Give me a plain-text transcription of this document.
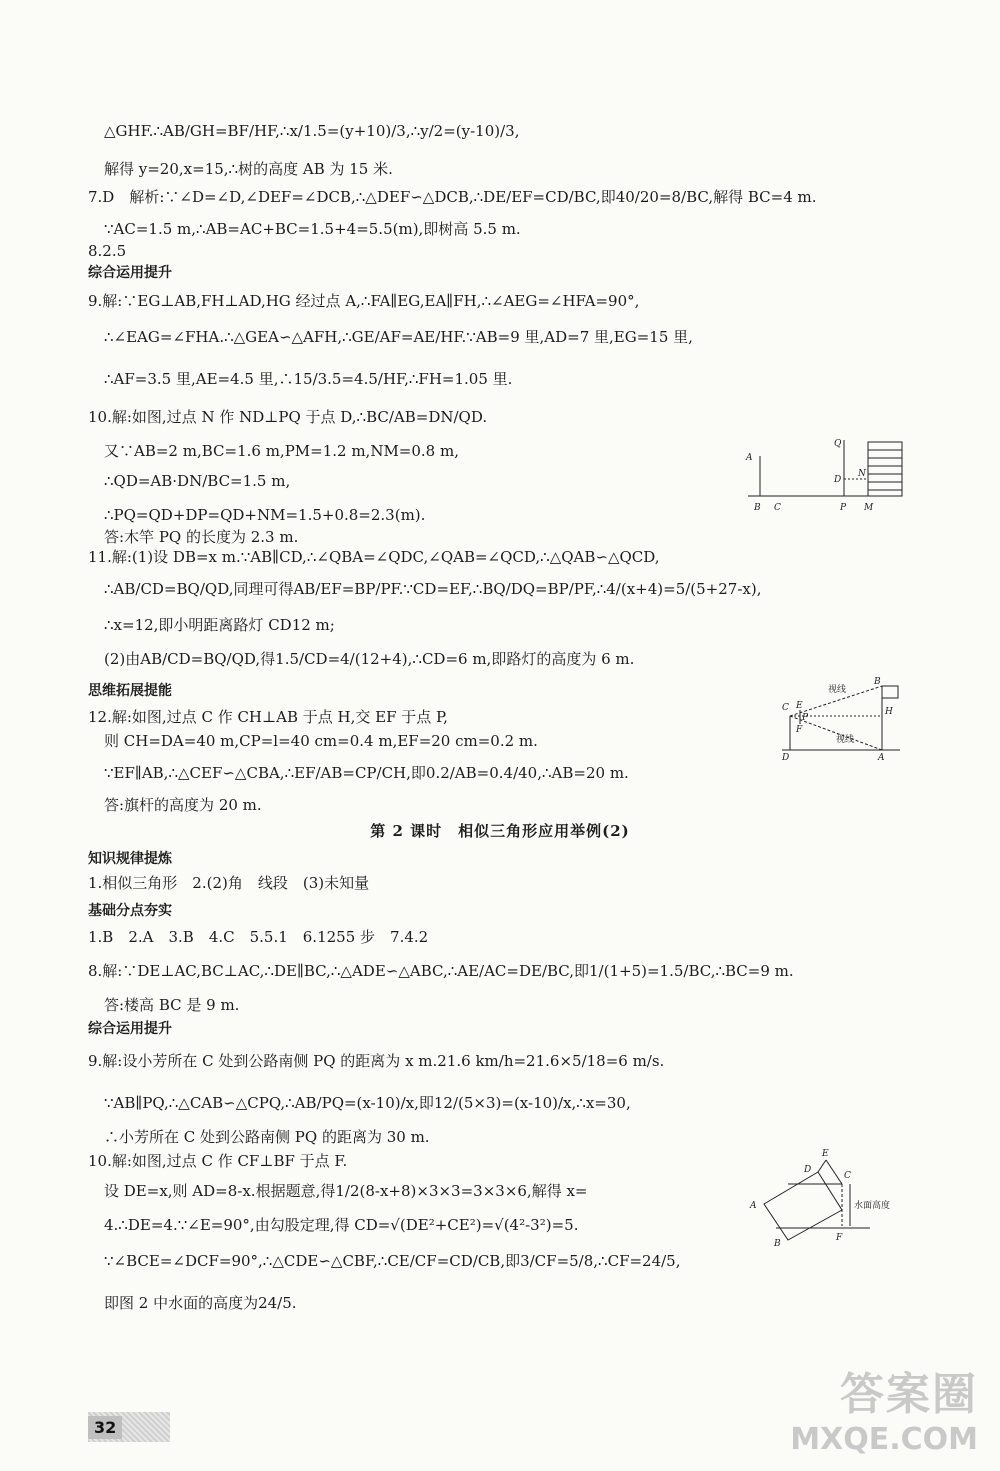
△GHF.∴AB/GH=BF/HF,∴x/1.5=(y+10)/3,∴y/2=(y-10)/3,
解得 y=20,x=15,∴树的高度 AB 为 15 米.
7.D　解析:∵∠D=∠D,∠DEF=∠DCB,∴△DEF∽△DCB,∴DE/EF=CD/BC,即40/20=8/BC,解得 BC=4 m.
∵AC=1.5 m,∴AB=AC+BC=1.5+4=5.5(m),即树高 5.5 m.
8.2.5
综合运用提升
9.解:∵EG⊥AB,FH⊥AD,HG 经过点 A,∴FA∥EG,EA∥FH,∴∠AEG=∠HFA=90°,
∴∠EAG=∠FHA.∴△GEA∽△AFH,∴GE/AF=AE/HF.∵AB=9 里,AD=7 里,EG=15 里,
∴AF=3.5 里,AE=4.5 里,∴15/3.5=4.5/HF,∴FH=1.05 里.
10.解:如图,过点 N 作 ND⊥PQ 于点 D,∴BC/AB=DN/QD.
又∵AB=2 m,BC=1.6 m,PM=1.2 m,NM=0.8 m,
∴QD=AB·DN/BC=1.5 m,
∴PQ=QD+DP=QD+NM=1.5+0.8=2.3(m).
答:木竿 PQ 的长度为 2.3 m.
11.解:(1)设 DB=x m.∵AB∥CD,∴∠QBA=∠QDC,∠QAB=∠QCD,∴△QAB∽△QCD,
∴AB/CD=BQ/QD,同理可得AB/EF=BP/PF.∵CD=EF,∴BQ/DQ=BP/PF,∴4/(x+4)=5/(5+27-x),
∴x=12,即小明距离路灯 CD12 m;
(2)由AB/CD=BQ/QD,得1.5/CD=4/(12+4),∴CD=6 m,即路灯的高度为 6 m.
思维拓展提能
12.解:如图,过点 C 作 CH⊥AB 于点 H,交 EF 于点 P,
则 CH=DA=40 m,CP=l=40 cm=0.4 m,EF=20 cm=0.2 m.
∵EF∥AB,∴△CEF∽△CBA,∴EF/AB=CP/CH,即0.2/AB=0.4/40,∴AB=20 m.
答:旗杆的高度为 20 m.
第 2 课时　相似三角形应用举例(2)
知识规律提炼
1.相似三角形　2.(2)角　线段　(3)未知量
基础分点夯实
1.B　2.A　3.B　4.C　5.5.1　6.1255 步　7.4.2
8.解:∵DE⊥AC,BC⊥AC,∴DE∥BC,∴△ADE∽△ABC,∴AE/AC=DE/BC,即1/(1+5)=1.5/BC,∴BC=9 m.
答:楼高 BC 是 9 m.
综合运用提升
9.解:设小芳所在 C 处到公路南侧 PQ 的距离为 x m.21.6 km/h=21.6×5/18=6 m/s.
∵AB∥PQ,∴△CAB∽△CPQ,∴AB/PQ=(x-10)/x,即12/(5×3)=(x-10)/x,∴x=30,
∴小芳所在 C 处到公路南侧 PQ 的距离为 30 m.
10.解:如图,过点 C 作 CF⊥BF 于点 F.
设 DE=x,则 AD=8-x.根据题意,得1/2(8-x+8)×3×3=3×3×6,解得 x=
4.∴DE=4.∵∠E=90°,由勾股定理,得 CD=√(DE²+CE²)=√(4²-3²)=5.
∵∠BCE=∠DCF=90°,∴△CDE∽△CBF,∴CE/CF=CD/CB,即3/CF=5/8,∴CF=24/5,
即图 2 中水面的高度为24/5.
A
B C
Q
N
D
P M
B
H
C E
P
F
D	A
视线
视线
E
D
C
A
B
F
水面高度
32
答案圈
MXQE.COM
